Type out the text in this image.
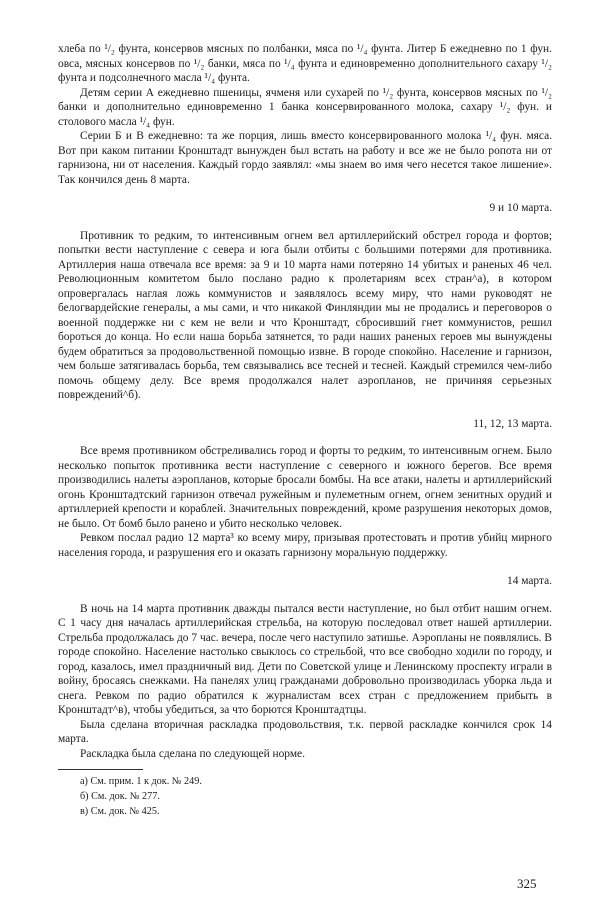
хлеба по ¹/₂ фунта, консервов мясных по полбанки, мяса по ¹/₄ фунта. Литер Б ежедневно по 1 фун. овса, мясных консервов по ¹/₂ банки, мяса по ¹/₄ фунта и единовременно дополнительного сахару ¹/₂ фунта и подсолнечного масла ¹/₄ фунта.

Детям серии А ежедневно пшеницы, ячменя или сухарей по ¹/₂ фунта, консервов мясных по ¹/₂ банки и дополнительно единовременно 1 банка консервированного молока, сахару ¹/₂ фун. и столового масла ¹/₄ фун.

Серии Б и В ежедневно: та же порция, лишь вместо консервированного молока ¹/₄ фун. мяса. Вот при каком питании Кронштадт вынужден был встать на работу и все же не было ропота ни от гарнизона, ни от населения. Каждый гордо заявлял: «мы знаем во имя чего несется такое лишение». Так кончился день 8 марта.

9 и 10 марта.

Противник то редким, то интенсивным огнем вел артиллерийский обстрел города и фортов; попытки вести наступление с севера и юга были отбиты с большими потерями для противника. Артиллерия наша отвечала все время: за 9 и 10 марта нами потеряно 14 убитых и раненых 46 чел. Революционным комитетом было послано радио к пролетариям всех стран^а), в котором опровергалась наглая ложь коммунистов и заявлялось всему миру, что нами руководят не белогвардейские генералы, а мы сами, и что никакой Финляндии мы не продались и переговоров о военной поддержке ни с кем не вели и что Кронштадт, сбросивший гнет коммунистов, решил бороться до конца. Но если наша борьба затянется, то ради наших раненых героев мы вынуждены будем обратиться за продовольственной помощью извне. В городе спокойно. Население и гарнизон, чем больше затягивалась борьба, тем связывались все тесней и тесней. Каждый стремился чем-либо помочь общему делу. Все время продолжался налет аэропланов, не причиняя серьезных повреждений^б).

11, 12, 13 марта.

Все время противником обстреливались город и форты то редким, то интенсивным огнем. Было несколько попыток противника вести наступление с северного и южного берегов. Все время производились налеты аэропланов, которые бросали бомбы. На все атаки, налеты и артиллерийский огонь Кронштадтский гарнизон отвечал ружейным и пулеметным огнем, огнем зенитных орудий и артиллерией крепости и кораблей. Значительных повреждений, кроме разрушения некоторых домов, не было. От бомб было ранено и убито несколько человек.

Ревком послал радио 12 марта³ ко всему миру, призывая протестовать и против убийц мирного населения города, и разрушения его и оказать гарнизону моральную поддержку.

14 марта.

В ночь на 14 марта противник дважды пытался вести наступление, но был отбит нашим огнем. С 1 часу дня началась артиллерийская стрельба, на которую последовал ответ нашей артиллерии. Стрельба продолжалась до 7 час. вечера, после чего наступило затишье. Аэропланы не появлялись. В городе спокойно. Население настолько свыклось со стрельбой, что все свободно ходили по городу, и город, казалось, имел праздничный вид. Дети по Советской улице и Ленинскому проспекту играли в войну, бросаясь снежками. На панелях улиц гражданами добровольно производилась уборка льда и снега. Ревком по радио обратился к журналистам всех стран с предложением прибыть в Кронштадт^в), чтобы убедиться, за что борются Кронштадтцы.

Была сделана вторичная раскладка продовольствия, т.к. первой раскладке кончился срок 14 марта.

Раскладка была сделана по следующей норме.

а) См. прим. 1 к док. № 249.
б) См. док. № 277.
в) См. док. № 425.
325
